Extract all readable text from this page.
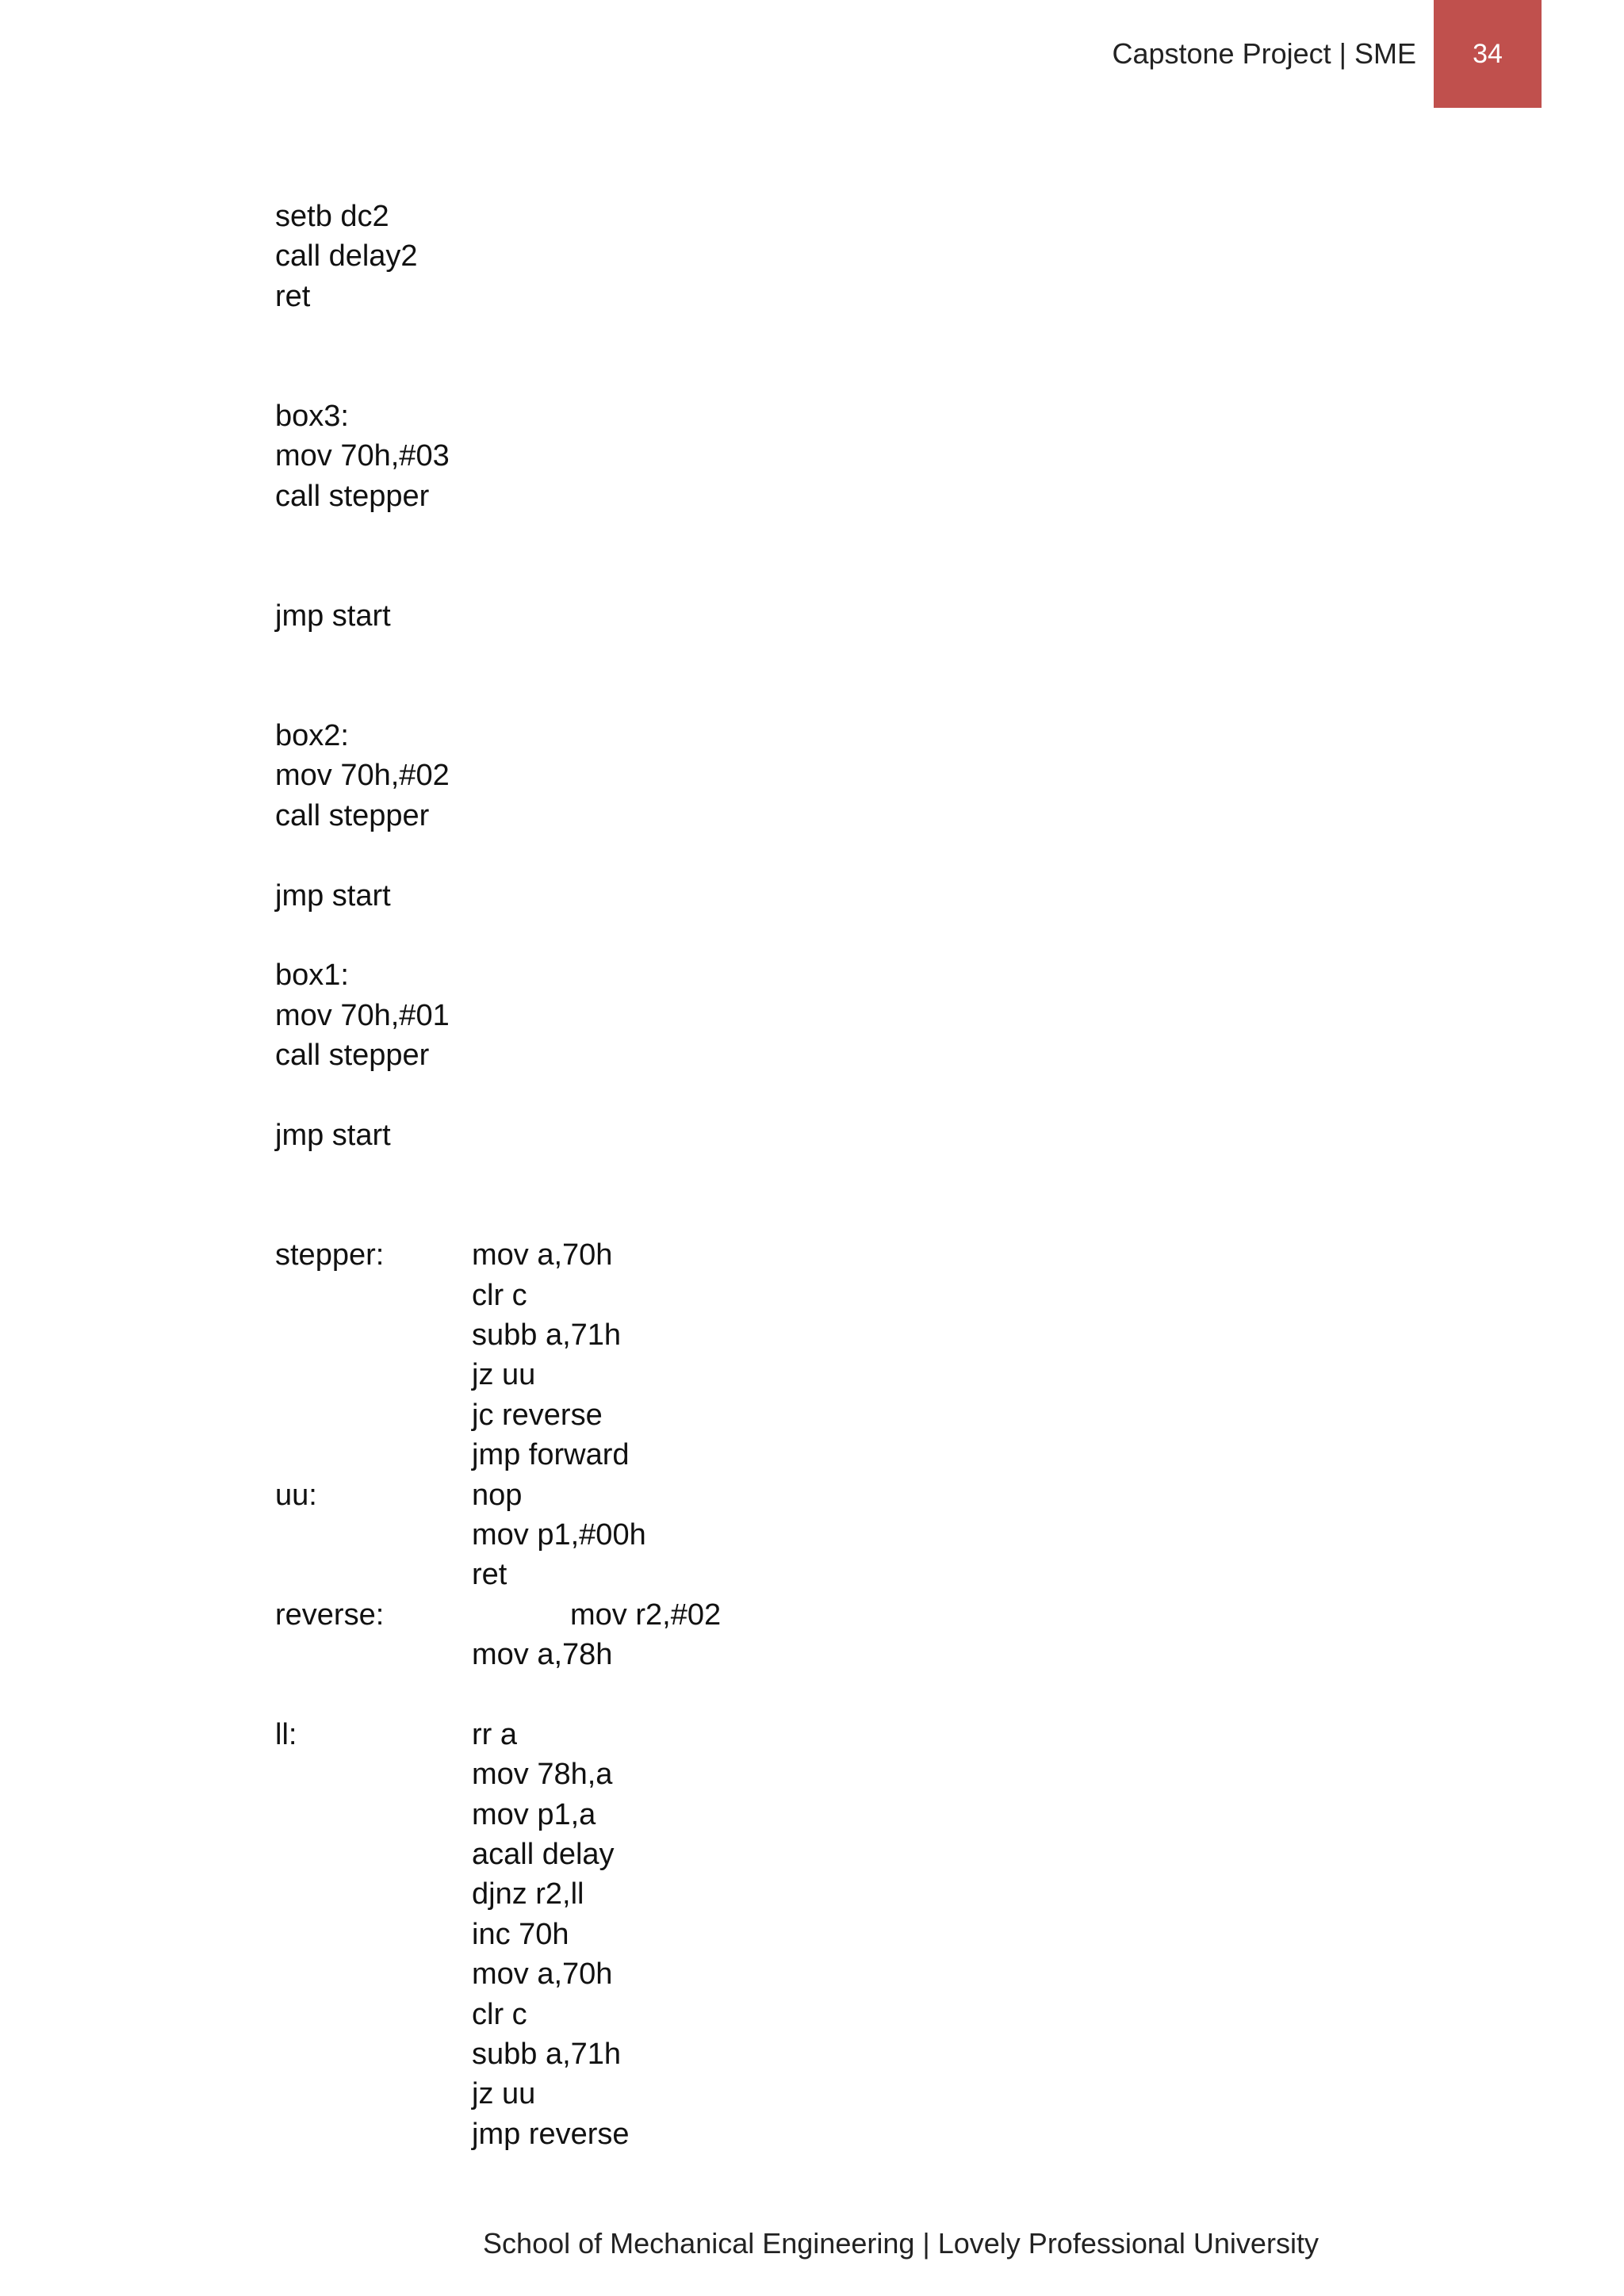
Capstone Project | SME 34
setb dc2
call delay2
ret
box3:
mov 70h,#03
call stepper
jmp start
box2:
mov 70h,#02
call stepper
jmp start
box1:
mov 70h,#01
call stepper
jmp start
stepper:	mov a,70h
clr c
subb a,71h
jz uu
jc reverse
jmp forward
uu:	nop
mov p1,#00h
ret
reverse:	mov r2,#02
mov a,78h
ll:	rr a
mov 78h,a
mov p1,a
acall delay
djnz r2,ll
inc 70h
mov a,70h
clr c
subb a,71h
jz uu
jmp reverse
School of Mechanical Engineering | Lovely Professional University
